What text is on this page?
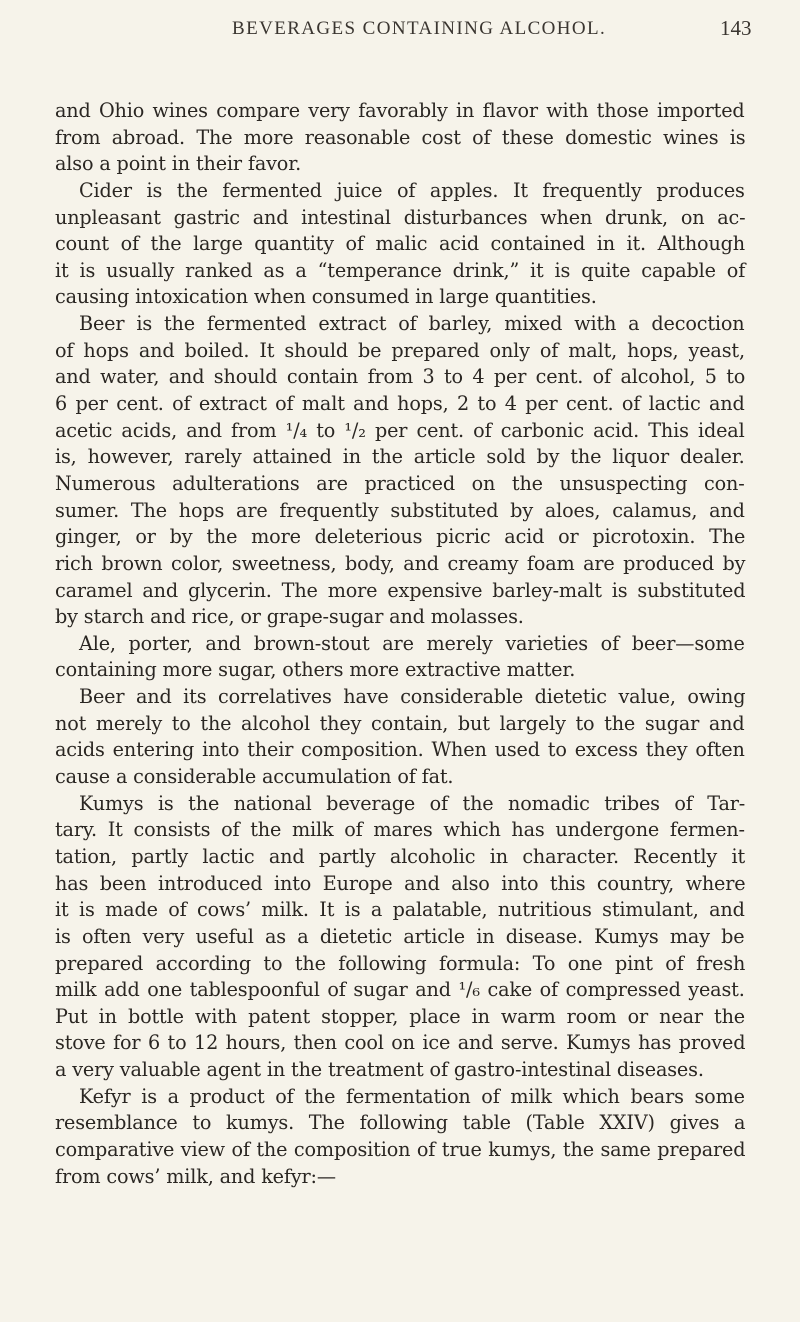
BEVERAGES CONTAINING ALCOHOL.	143
and Ohio wines compare very favorably in flavor with those imported
from abroad. The more reasonable cost of these domestic wines is
also a point in their favor.
Cider is the fermented juice of apples. It frequently produces
unpleasant gastric and intestinal disturbances when drunk, on ac-
count of the large quantity of malic acid contained in it. Although
it is usually ranked as a “temperance drink,” it is quite capable of
causing intoxication when consumed in large quantities.
Beer is the fermented extract of barley, mixed with a decoction
of hops and boiled. It should be prepared only of malt, hops, yeast,
and water, and should contain from 3 to 4 per cent. of alcohol, 5 to
6 per cent. of extract of malt and hops, 2 to 4 per cent. of lactic and
acetic acids, and from ¹/₄ to ¹/₂ per cent. of carbonic acid. This ideal
is, however, rarely attained in the article sold by the liquor dealer.
Numerous adulterations are practiced on the unsuspecting con-
sumer. The hops are frequently substituted by aloes, calamus, and
ginger, or by the more deleterious picric acid or picrotoxin. The
rich brown color, sweetness, body, and creamy foam are produced by
caramel and glycerin. The more expensive barley-malt is substituted
by starch and rice, or grape-sugar and molasses.
Ale, porter, and brown-stout are merely varieties of beer—some
containing more sugar, others more extractive matter.
Beer and its correlatives have considerable dietetic value, owing
not merely to the alcohol they contain, but largely to the sugar and
acids entering into their composition. When used to excess they often
cause a considerable accumulation of fat.
Kumys is the national beverage of the nomadic tribes of Tar-
tary. It consists of the milk of mares which has undergone fermen-
tation, partly lactic and partly alcoholic in character. Recently it
has been introduced into Europe and also into this country, where
it is made of cows’ milk. It is a palatable, nutritious stimulant, and
is often very useful as a dietetic article in disease. Kumys may be
prepared according to the following formula: To one pint of fresh
milk add one tablespoonful of sugar and ¹/₆ cake of compressed yeast.
Put in bottle with patent stopper, place in warm room or near the
stove for 6 to 12 hours, then cool on ice and serve. Kumys has proved
a very valuable agent in the treatment of gastro-intestinal diseases.
Kefyr is a product of the fermentation of milk which bears some
resemblance to kumys. The following table (Table XXIV) gives a
comparative view of the composition of true kumys, the same prepared
from cows’ milk, and kefyr:—
